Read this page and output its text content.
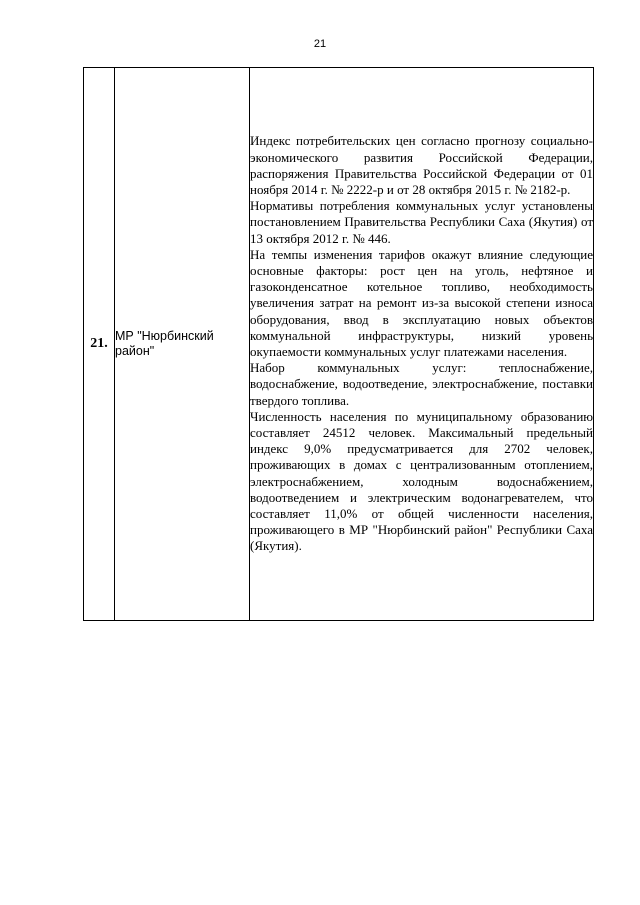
21
21.	МР "Нюрбинский район"	

Индекс потребительских цен согласно прогнозу социально-экономического развития Российской Федерации, распоряжения Правительства Российской Федерации от 01 ноября 2014 г. № 2222-р и от 28 октября 2015 г. № 2182-р.

Нормативы потребления коммунальных услуг установлены постановлением Правительства Республики Саха (Якутия) от 13 октября 2012 г. № 446.

На темпы изменения тарифов окажут влияние следующие основные факторы: рост цен на уголь, нефтяное и газоконденсатное котельное топливо, необходимость увеличения затрат на ремонт из-за высокой степени износа оборудования, ввод в эксплуатацию новых объектов коммунальной инфраструктуры, низкий уровень окупаемости коммунальных услуг платежами населения.

Набор коммунальных услуг: теплоснабжение, водоснабжение, водоотведение, электроснабжение, поставки твердого топлива.

Численность населения по муниципальному образованию составляет 24512 человек. Максимальный предельный индекс 9,0% предусматривается для 2702 человек, проживающих в домах с централизованным отоплением, электроснабжением, холодным водоснабжением, водоотведением и электрическим водонагревателем, что составляет 11,0% от общей численности населения, проживающего в МР "Нюрбинский район" Республики Саха (Якутия).
